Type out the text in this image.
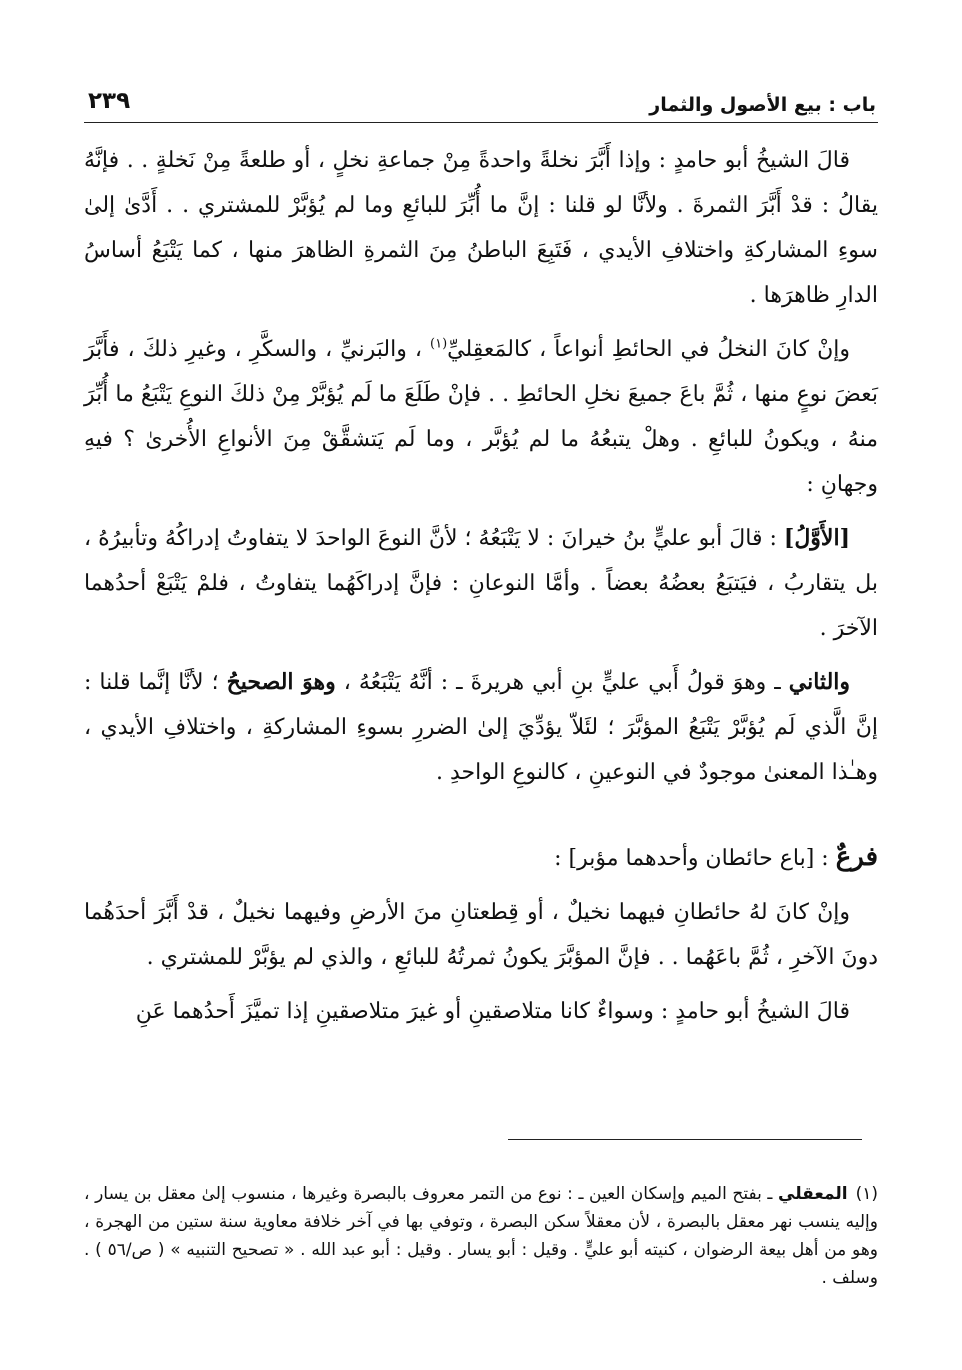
باب : بيع الأصول والثمار
٢٣٩

قالَ الشيخُ أبو حامدٍ : وإذا أَبَّرَ نخلةً واحدةً مِنْ جماعةِ نخلٍ ، أو طلعةً مِنْ نَخلةٍ . . فإنَّهُ يقالُ : قدْ أَبَّرَ الثمرةَ . ولأنَّا لو قلنا : إنَّ ما أُبِّرَ للبائعِ وما لم يُؤبَّرْ للمشتري . . أَدَّىٰ إلىٰ سوءِ المشاركةِ واختلافِ الأيدي ، فَتَبِعَ الباطنُ مِنَ الثمرةِ الظاهرَ منها ، كما يَتْبَعُ أساسُ الدارِ ظاهرَها .

وإنْ كانَ النخلُ في الحائطِ أنواعاً ، كالمَعقِليِّ$^{(١)}$ ، والبَرنيِّ ، والسكَّرِ ، وغيرِ ذلكَ ، فأَبَّرَ بَعضَ نوعٍ منها ، ثُمَّ باعَ جميعَ نخلِ الحائطِ . . فإنْ طَلَعَ ما لَم يُؤبَّرْ مِنْ ذلكَ النوعِ يَتْبَعُ ما أُبِّرَ منهُ ، ويكونُ للبائعِ . وهلْ يتبعُهُ ما لم يُؤبَّر ، وما لَم يَتشقَّقْ مِنَ الأنواعِ الأُخرىٰ ؟ فيهِ وجهانِ :

[الأَوَّلُ] : قالَ أبو عليٍّ بنُ خيرانَ : لا يَتْبَعُهُ ؛ لأنَّ النوعَ الواحدَ لا يتفاوتُ إدراكُهُ وتأبيرُهُ ، بل يتقاربُ ، فيَتبَعُ بعضُهُ بعضاً . وأمَّا النوعانِ : فإنَّ إدراكَهُما يتفاوتُ ، فلمْ يَتْبَعْ أحدُهما الآخرَ .

والثاني ـ وهوَ قولُ أَبي عليٍّ بنِ أبي هريرةَ ـ : أنَّهُ يَتْبَعُهُ ، وهوَ الصحيحُ ؛ لأنَّا إنَّما قلنا : إنَّ الَّذي لَم يُؤبَّرْ يَتْبَعُ المؤبَّرَ ؛ لئَلاّ يؤدِّيَ إلىٰ الضررِ بسوءِ المشاركةِ ، واختلافِ الأيدي ، وهـٰذا المعنىٰ موجودٌ في النوعينِ ، كالنوعِ الواحدِ .

فرعٌ : [باع حائطان وأحدهما مؤبر] :

وإنْ كانَ لهُ حائطانِ فيهما نخيلٌ ، أو قِطعتانِ منَ الأرضِ وفيهما نخيلٌ ، قدْ أَبَّرَ أحدَهُما دونَ الآخرِ ، ثُمَّ باعَهُما . . فإنَّ المؤبَّرَ يكونُ ثمرتُهُ للبائعِ ، والذي لم يؤبَّرْ للمشتري .

قالَ الشيخُ أبو حامدٍ : وسواءٌ كانا متلاصقينِ أو غيرَ متلاصقينِ إذا تميَّزَ أَحدُهما عَنِ

(١)المعقلي ـ بفتح الميم وإسكان العين ـ : نوع من التمر معروف بالبصرة وغيرها ، منسوب إلىٰ معقل بن يسار ، وإليه ينسب نهر معقل بالبصرة ، لأن معقلاً سكن البصرة ، وتوفي بها في آخر خلافة معاوية سنة ستين من الهجرة ، وهو من أهل بيعة الرضوان ، كنيته أبو عليٍّ . وقيل : أبو يسار . وقيل : أبو عبد الله . « تصحيح التنبيه » ( ص/٥٦ ) . وسلف .
